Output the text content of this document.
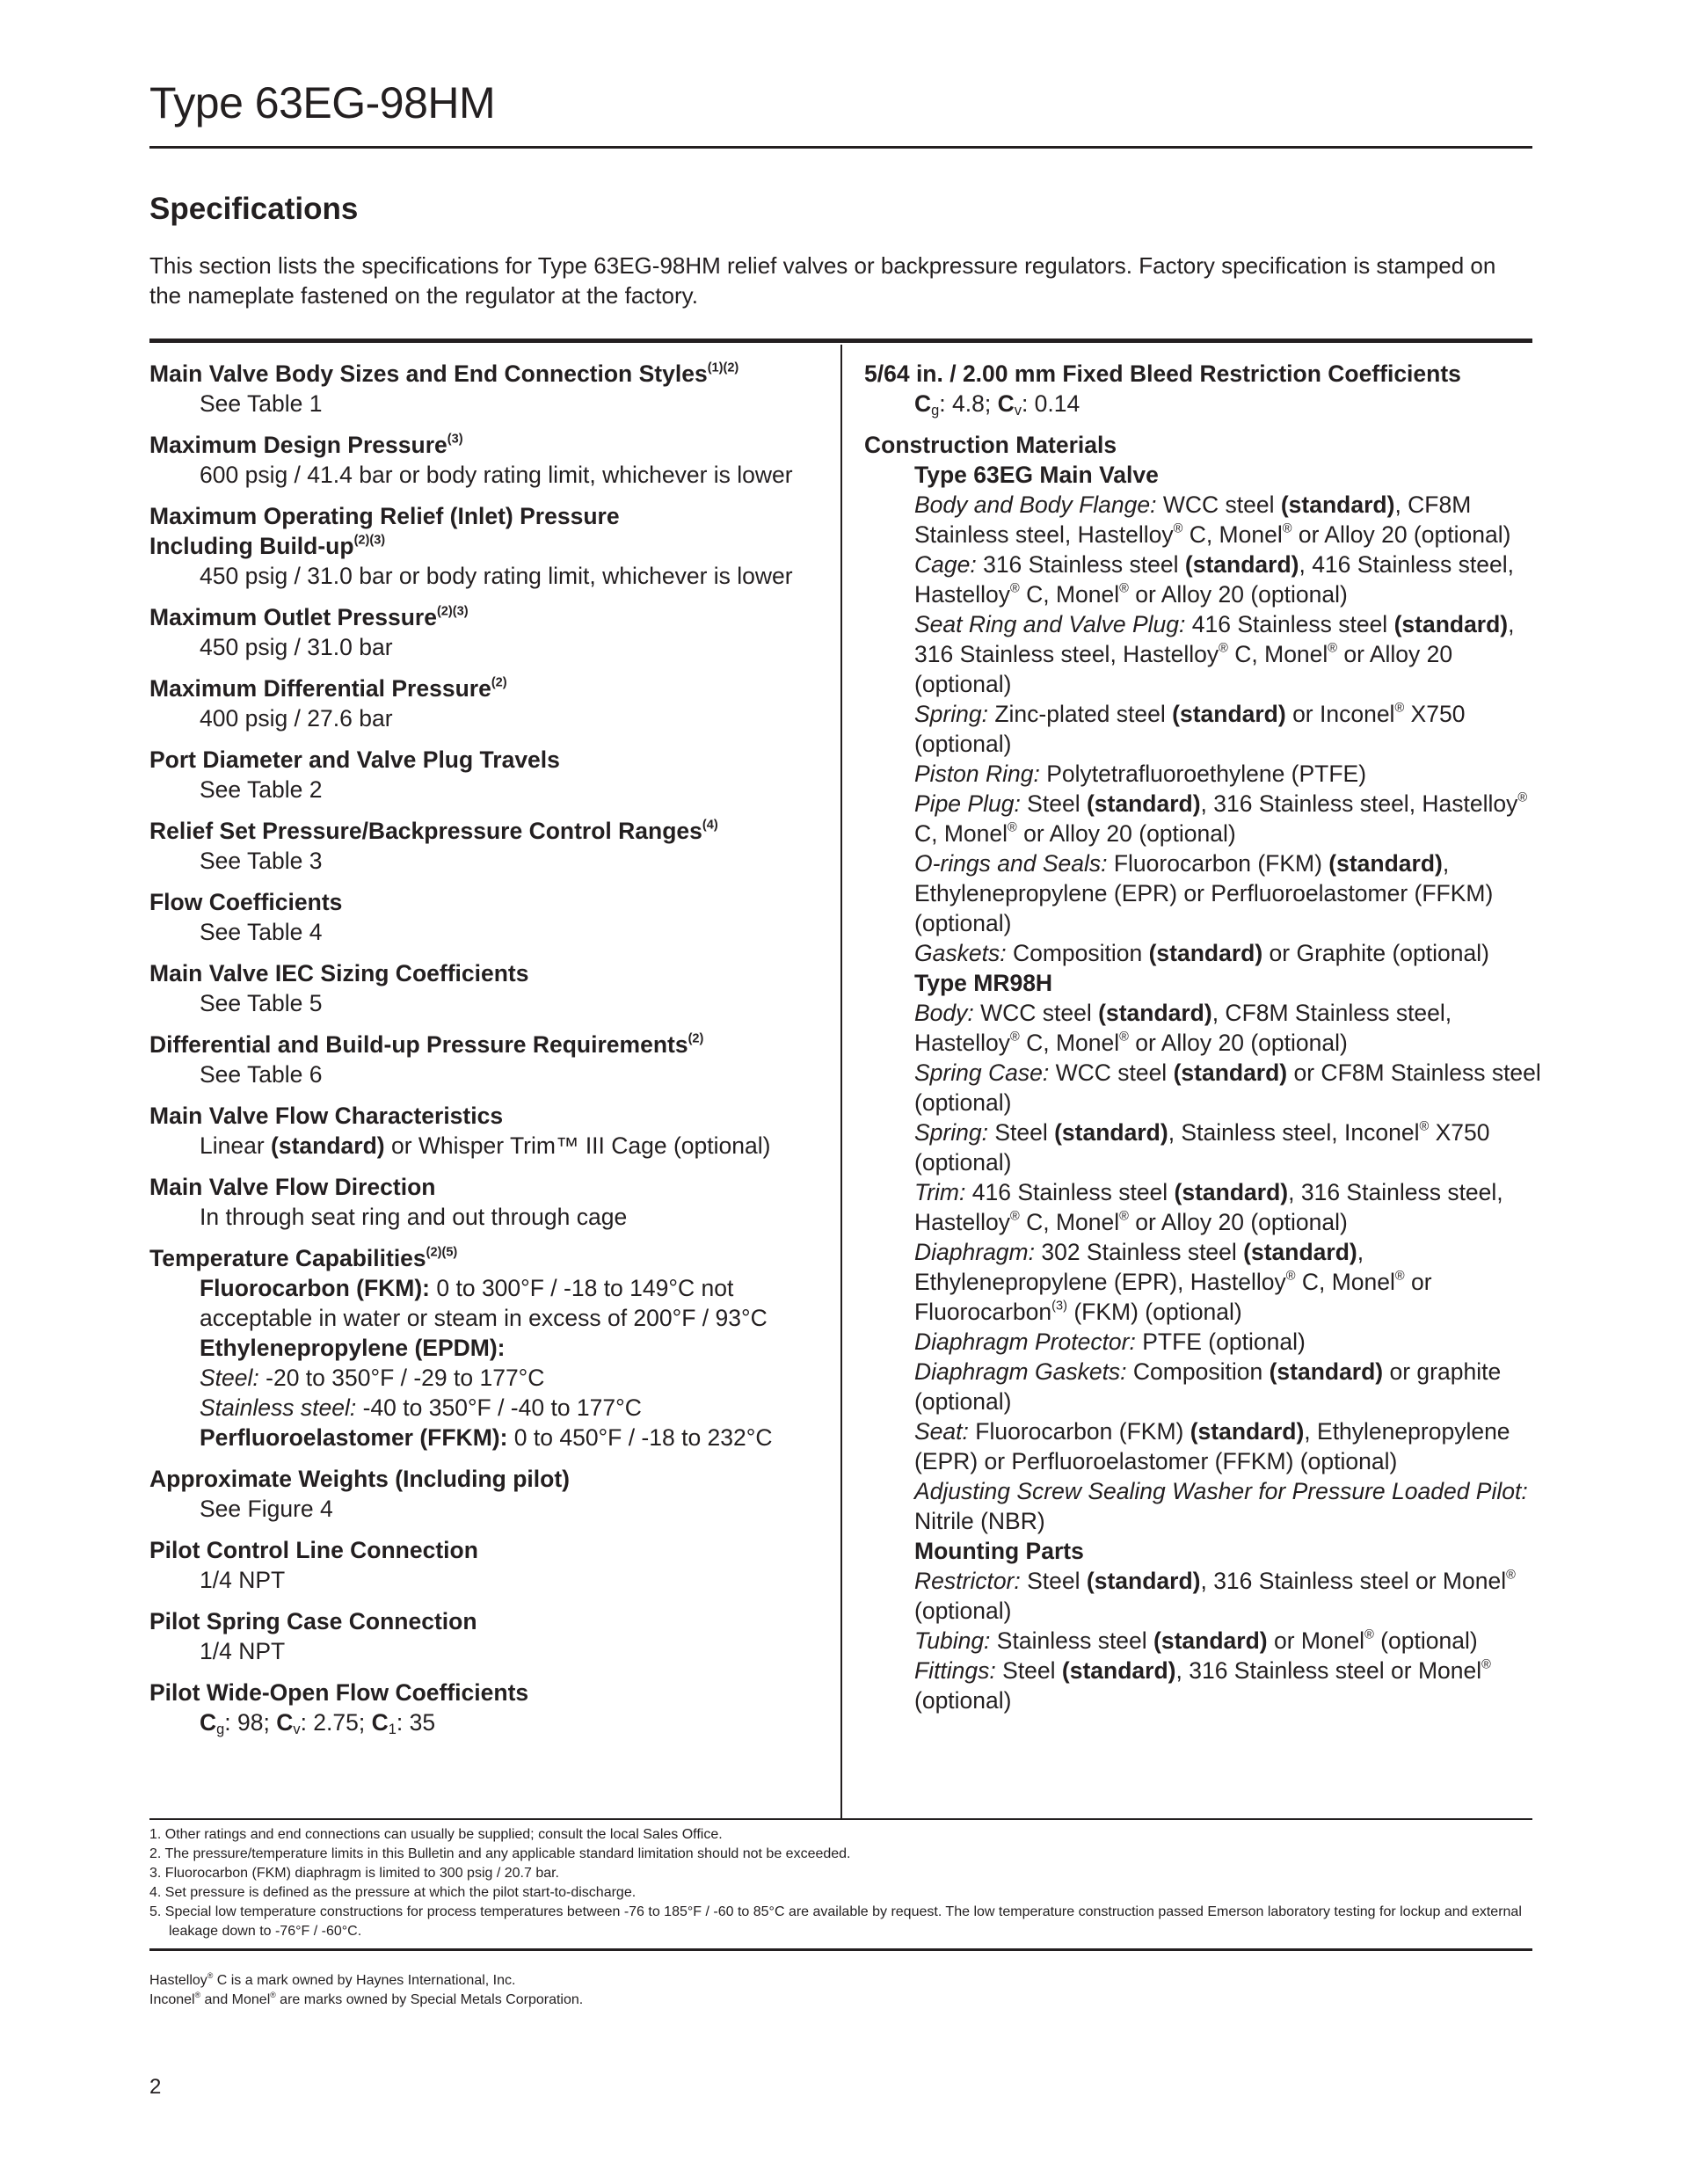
Type 63EG-98HM
Specifications

This section lists the specifications for Type 63EG-98HM relief valves or backpressure regulators. Factory specification is stamped on the nameplate fastened on the regulator at the factory.

Main Valve Body Sizes and End Connection Styles$^{(1)(2)}$
See Table 1
Maximum Design Pressure$^{(3)}$
600 psig / 41.4 bar or body rating limit, whichever is lower
Maximum Operating Relief (Inlet) Pressure
Including Build-$up^{(2)(3)}$
450 psig / 31.0 bar or body rating limit, whichever is lower
Maximum Outlet Pressure$^{(2)(3)}$
450 psig / 31.0 bar
Maximum Differential Pressure$^{(2)}$
400 psig / 27.6 bar
Port Diameter and Valve Plug Travels
See Table 2
Relief Set Pressure/Backpressure Control Ranges$^{(4)}$
See Table 3
Flow Coefficients
See Table 4
Main Valve IEC Sizing Coefficients
See Table 5
Differential and Build-up Pressure Requirements$^{(2)}$
See Table 6
Main Valve Flow Characteristics
Linear (standard) or Whisper Trim™ III Cage (optional)
Main Valve Flow Direction
In through seat ring and out through cage
Temperature Capabilities$^{(2)(5)}$
Fluorocarbon (FKM): 0 to 300°F / -18 to 149°C not acceptable in water or steam in excess of 200°F / 93°C
Ethylenepropylene (EPDM):
Steel: -20 to 350°F / -29 to 177°C
Stainless steel: -40 to 350°F / -40 to 177°C
Perfluoroelastomer (FFKM): 0 to 450°F / -18 to 232°C
Approximate Weights (Including pilot)
See Figure 4
Pilot Control Line Connection
1/4 NPT
Pilot Spring Case Connection
1/4 NPT
Pilot Wide-Open Flow Coefficients
$C_g$: 98; $C_v$: 2.75; $C_1$: 35
5/64 in. / 2.00 mm Fixed Bleed Restriction Coefficients
$C_g$: 4.8; $C_v$: 0.14
Construction Materials
Type 63EG Main Valve
Body and Body Flange: WCC steel (standard), CF8M Stainless steel, Hastelloy® C, Monel® or Alloy 20 (optional)
Cage: 316 Stainless steel (standard), 416 Stainless steel, Hastelloy® C, Monel® or Alloy 20 (optional)
Seat Ring and Valve Plug: 416 Stainless steel (standard), 316 Stainless steel, Hastelloy® C, Monel® or Alloy 20 (optional)
Spring: Zinc-plated steel (standard) or Inconel® X750 (optional)
Piston Ring: Polytetrafluoroethylene (PTFE)
Pipe Plug: Steel (standard), 316 Stainless steel, Hastelloy® C, Monel® or Alloy 20 (optional)
O-rings and Seals: Fluorocarbon (FKM) (standard), Ethylenepropylene (EPR) or Perfluoroelastomer (FFKM) (optional)
Gaskets: Composition (standard) or Graphite (optional)
Type MR98H
Body: WCC steel (standard), CF8M Stainless steel, Hastelloy® C, Monel® or Alloy 20 (optional)
Spring Case: WCC steel (standard) or CF8M Stainless steel (optional)
Spring: Steel (standard), Stainless steel, Inconel® X750 (optional)
Trim: 416 Stainless steel (standard), 316 Stainless steel, Hastelloy® C, Monel® or Alloy 20 (optional)
Diaphragm: 302 Stainless steel (standard), Ethylenepropylene (EPR), Hastelloy® C, Monel® or Fluorocarbon$^{(3)}$ (FKM) (optional)
Diaphragm Protector: PTFE (optional)
Diaphragm Gaskets: Composition (standard) or graphite (optional)
Seat: Fluorocarbon (FKM) (standard), Ethylenepropylene (EPR) or Perfluoroelastomer (FFKM) (optional)
Adjusting Screw Sealing Washer for Pressure Loaded Pilot: Nitrile (NBR)
Mounting Parts
Restrictor: Steel (standard), 316 Stainless steel or Monel® (optional)
Tubing: Stainless steel (standard) or Monel® (optional)
Fittings: Steel (standard), 316 Stainless steel or Monel® (optional)
1. Other ratings and end connections can usually be supplied; consult the local Sales Office.
2. The pressure/temperature limits in this Bulletin and any applicable standard limitation should not be exceeded.
3. Fluorocarbon (FKM) diaphragm is limited to 300 psig / 20.7 bar.
4. Set pressure is defined as the pressure at which the pilot start-to-discharge.
5. Special low temperature constructions for process temperatures between -76 to 185°F / -60 to 85°C are available by request. The low temperature construction passed Emerson laboratory testing for lockup and external leakage down to -76°F / -60°C.
Hastelloy® C is a mark owned by Haynes International, Inc.
Inconel® and Monel® are marks owned by Special Metals Corporation.
2
